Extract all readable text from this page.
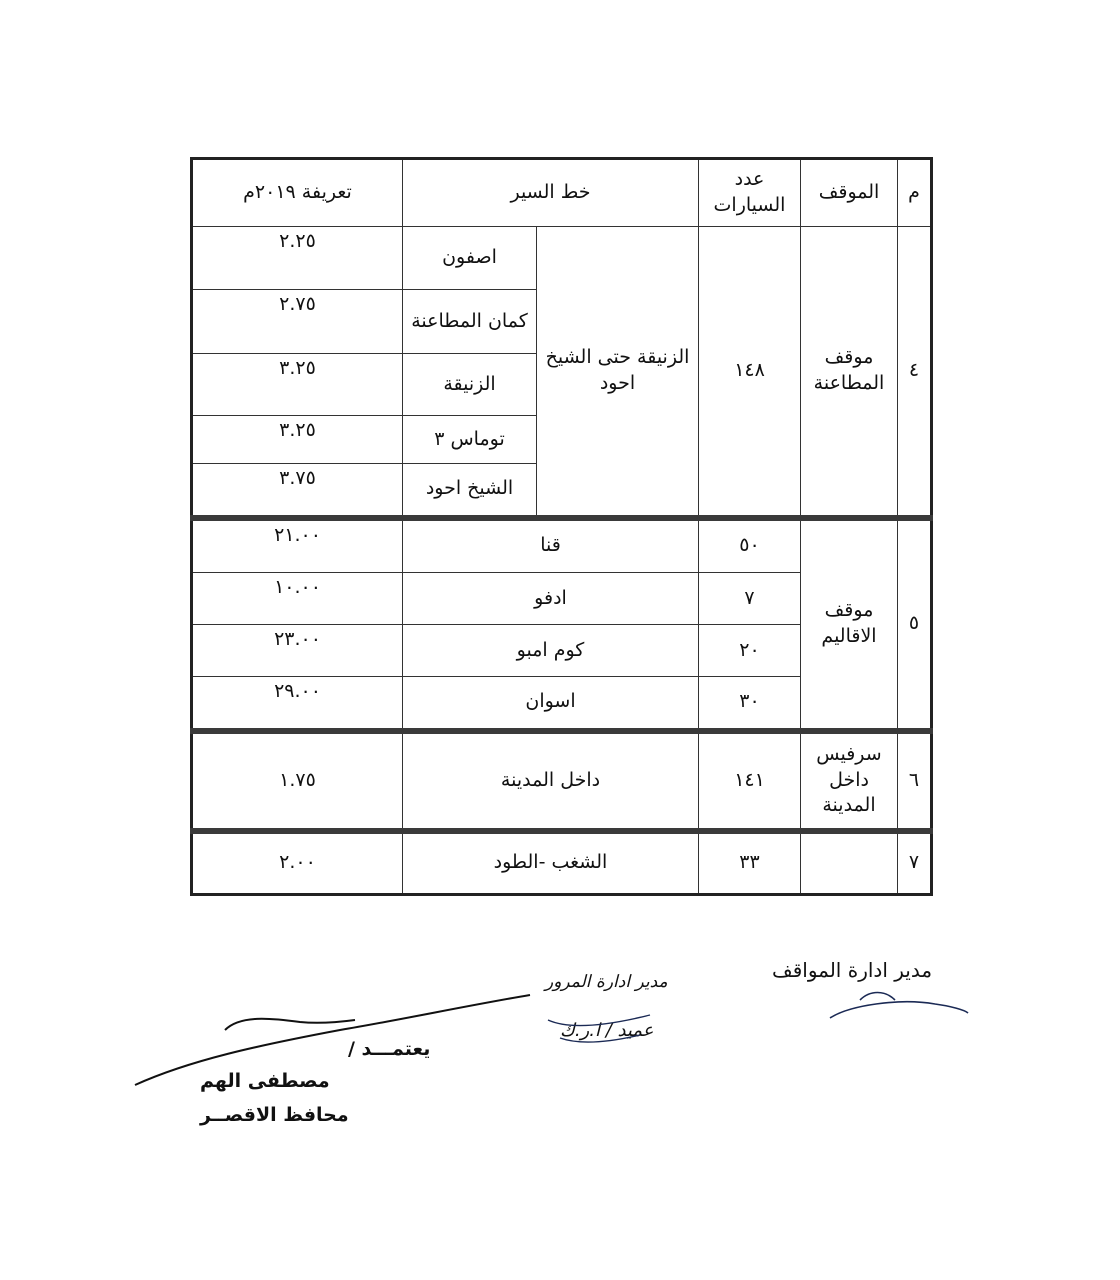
م	الموقف	عدد السيارات	خط السير		تعريفة ٢٠١٩م
٤	موقف المطاعنة	١٤٨	الزنيقة حتى الشيخ احود	اصفون	٢.٢٥
				كمان المطاعنة	٢.٧٥
				الزنيقة	٣.٢٥
				توماس ٣	٣.٢٥
				الشيخ احود	٣.٧٥
٥	موقف الاقاليم	٥٠	قنا		٢١.٠٠
		٧	ادفو		١٠.٠٠
		٢٠	كوم امبو		٢٣.٠٠
		٣٠	اسوان		٢٩.٠٠
٦	سرفيس داخل المدينة	١٤١	داخل المدينة		١.٧٥
٧		٣٣	الشغب -الطود		٢.٠٠
مدير ادارة المواقف
مدير ادارة المرور
عميد / ا.ر.ك
يعتمـــد /
مصطفى الهم
محافظ الاقصــر
